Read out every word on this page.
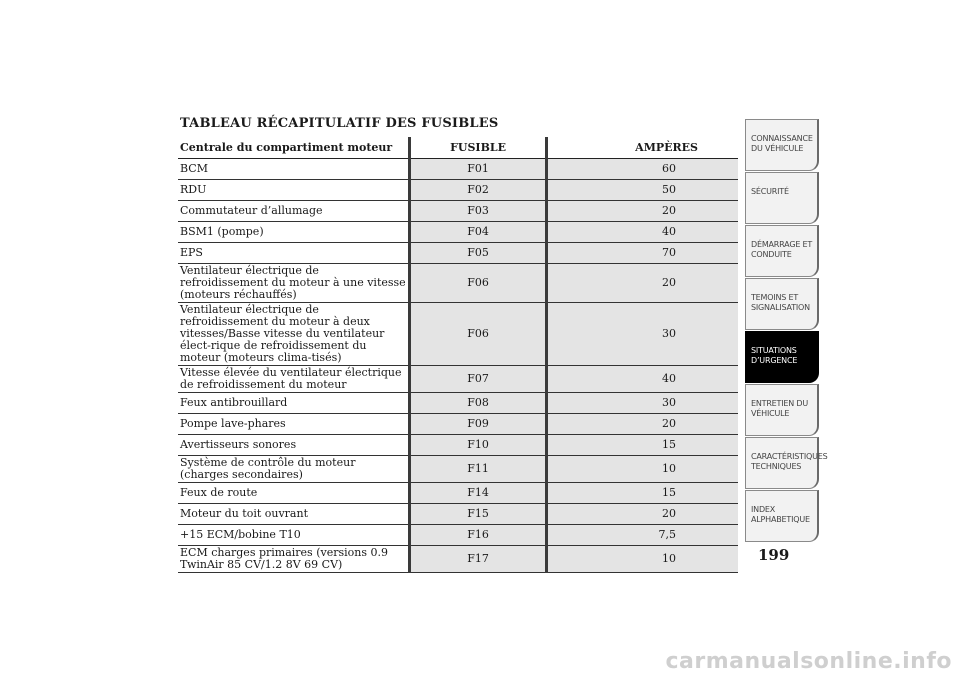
TABLEAU RÉCAPITULATIF DES FUSIBLES
Centrale du compartiment moteur	FUSIBLE	AMPÈRES
BCM	F01	60
RDU	F02	50
Commutateur d’allumage	F03	20
BSM1 (pompe)	F04	40
EPS	F05	70
Ventilateur électrique de refroidissement du moteur à une vitesse (moteurs réchauffés)	F06	20
Ventilateur électrique de refroidissement du moteur à deux vitesses/Basse vitesse du ventilateur élect-rique de refroidissement du moteur (moteurs clima-tisés)	F06	30
Vitesse élevée du ventilateur électrique de refroidissement du moteur	F07	40
Feux antibrouillard	F08	30
Pompe lave-phares	F09	20
Avertisseurs sonores	F10	15
Système de contrôle du moteur (charges secondaires)	F11	10
Feux de route	F14	15
Moteur du toit ouvrant	F15	20
+15 ECM/bobine T10	F16	7,5
ECM charges primaires (versions 0.9 TwinAir 85 CV/1.2 8V 69 CV)	F17	10
CONNAISSANCE DU VÉHICULE
SÉCURITÉ
DÉMARRAGE ET CONDUITE
TEMOINS ET SIGNALISATION
SITUATIONS D’URGENCE
ENTRETIEN DU VÉHICULE
CARACTÉRISTIQUES TECHNIQUES
INDEX ALPHABETIQUE
199
carmanualsonline.info
